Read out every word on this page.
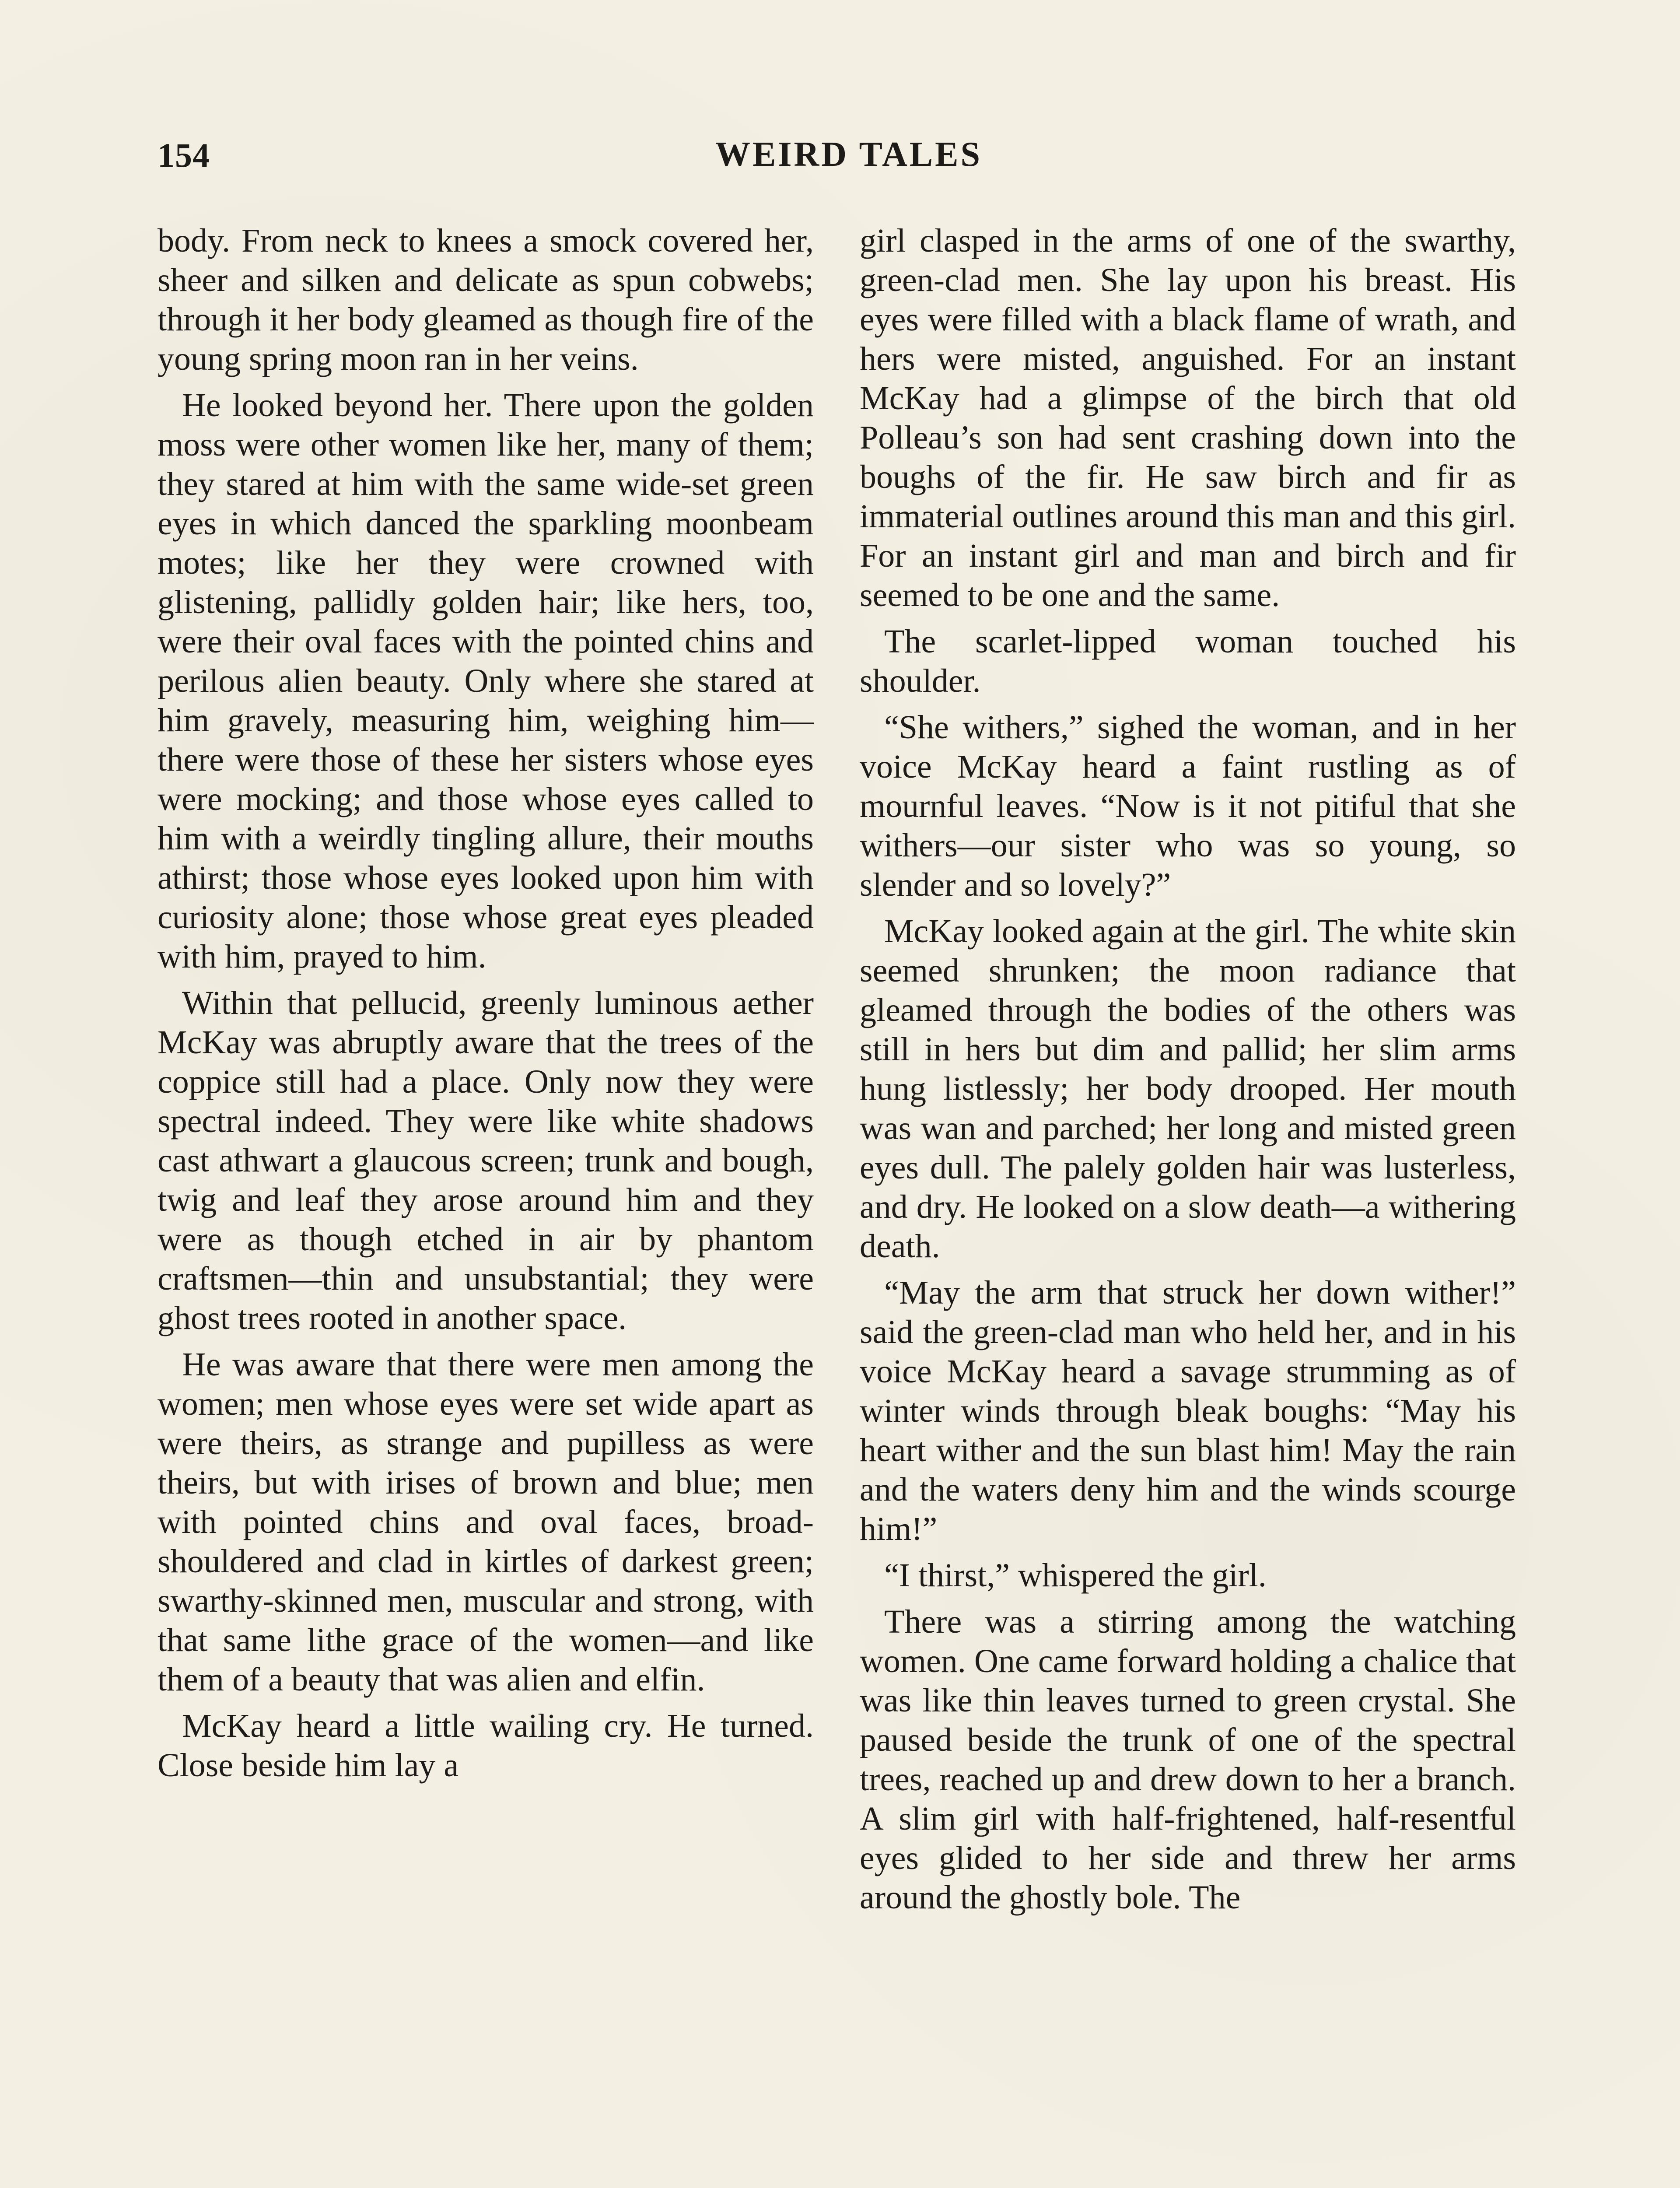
154	WEIRD TALES

body. From neck to knees a smock covered her, sheer and silken and delicate as spun cobwebs; through it her body gleamed as though fire of the young spring moon ran in her veins.

He looked beyond her. There upon the golden moss were other women like her, many of them; they stared at him with the same wide-set green eyes in which danced the sparkling moonbeam motes; like her they were crowned with glistening, pallidly golden hair; like hers, too, were their oval faces with the pointed chins and perilous alien beauty. Only where she stared at him gravely, measuring him, weighing him—there were those of these her sisters whose eyes were mocking; and those whose eyes called to him with a weirdly tingling allure, their mouths athirst; those whose eyes looked upon him with curiosity alone; those whose great eyes pleaded with him, prayed to him.

Within that pellucid, greenly luminous aether McKay was abruptly aware that the trees of the coppice still had a place. Only now they were spectral indeed. They were like white shadows cast athwart a glaucous screen; trunk and bough, twig and leaf they arose around him and they were as though etched in air by phantom craftsmen—thin and unsubstantial; they were ghost trees rooted in another space.

He was aware that there were men among the women; men whose eyes were set wide apart as were theirs, as strange and pupilless as were theirs, but with irises of brown and blue; men with pointed chins and oval faces, broad-shouldered and clad in kirtles of darkest green; swarthy-skinned men, muscular and strong, with that same lithe grace of the women—and like them of a beauty that was alien and elfin.

McKay heard a little wailing cry. He turned. Close beside him lay a

girl clasped in the arms of one of the swarthy, green-clad men. She lay upon his breast. His eyes were filled with a black flame of wrath, and hers were misted, anguished. For an instant McKay had a glimpse of the birch that old Polleau’s son had sent crashing down into the boughs of the fir. He saw birch and fir as immaterial outlines around this man and this girl. For an instant girl and man and birch and fir seemed to be one and the same.

The scarlet-lipped woman touched his shoulder.

“She withers,” sighed the woman, and in her voice McKay heard a faint rustling as of mournful leaves. “Now is it not pitiful that she withers—our sister who was so young, so slender and so lovely?”

McKay looked again at the girl. The white skin seemed shrunken; the moon radiance that gleamed through the bodies of the others was still in hers but dim and pallid; her slim arms hung listlessly; her body drooped. Her mouth was wan and parched; her long and misted green eyes dull. The palely golden hair was lusterless, and dry. He looked on a slow death—a withering death.

“May the arm that struck her down wither!” said the green-clad man who held her, and in his voice McKay heard a savage strumming as of winter winds through bleak boughs: “May his heart wither and the sun blast him! May the rain and the waters deny him and the winds scourge him!”

“I thirst,” whispered the girl.

There was a stirring among the watching women. One came forward holding a chalice that was like thin leaves turned to green crystal. She paused beside the trunk of one of the spectral trees, reached up and drew down to her a branch. A slim girl with half-frightened, half-resentful eyes glided to her side and threw her arms around the ghostly bole. The
